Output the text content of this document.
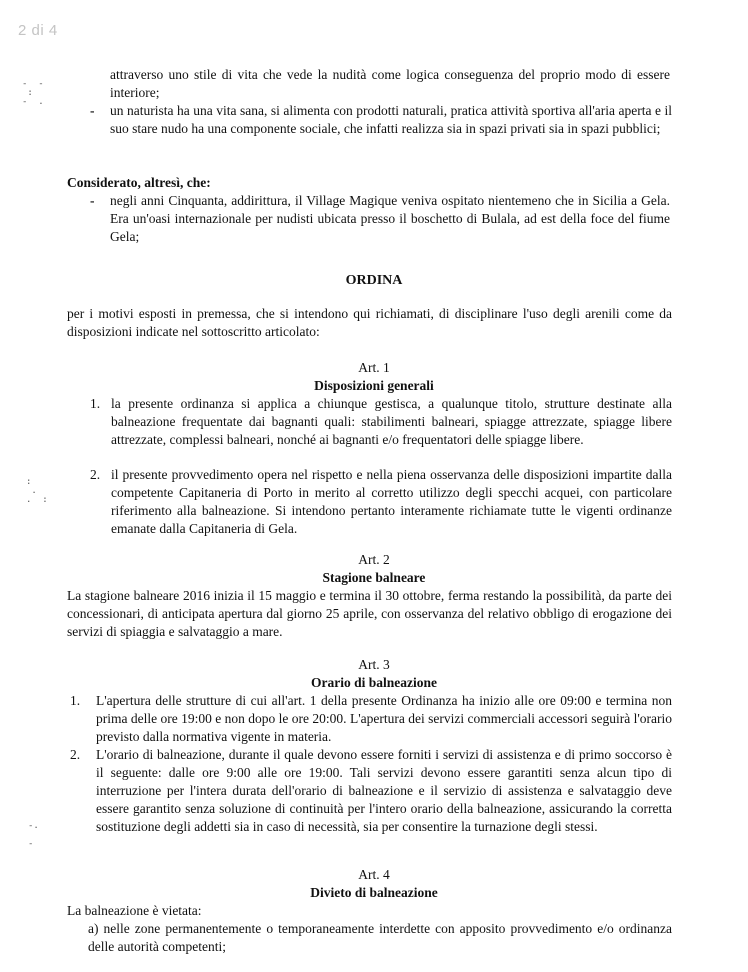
2 di 4
-  -
:
-  .
:
.
.  :
-.

-

attraverso uno stile di vita che vede la nudità come logica conseguenza del proprio modo di essere interiore;

- un naturista ha una vita sana, si alimenta con prodotti naturali, pratica attività sportiva all'aria aperta e il suo stare nudo ha una componente sociale, che infatti realizza sia in spazi privati sia in spazi pubblici;

Considerato, altresì, che:

- negli anni Cinquanta, addirittura, il Village Magique veniva ospitato nientemeno che in Sicilia a Gela. Era un'oasi internazionale per nudisti ubicata presso il boschetto di Bulala, ad est della foce del fiume Gela;

ORDINA

per i motivi esposti in premessa, che si intendono qui richiamati, di disciplinare l'uso degli arenili come da disposizioni indicate nel sottoscritto articolato:

Art. 1
Disposizioni generali
1. la presente ordinanza si applica a chiunque gestisca, a qualunque titolo, strutture destinate alla balneazione frequentate dai bagnanti quali: stabilimenti balneari, spiagge attrezzate, spiagge libere attrezzate, complessi balneari, nonché ai bagnanti e/o frequentatori delle spiagge libere.

2. il presente provvedimento opera nel rispetto e nella piena osservanza delle disposizioni impartite dalla competente Capitaneria di Porto in merito al corretto utilizzo degli specchi acquei, con particolare riferimento alla balneazione. Si intendono pertanto interamente richiamate tutte le vigenti ordinanze emanate dalla Capitaneria di Gela.

Art. 2
Stagione balneare

La stagione balneare 2016 inizia il 15 maggio e termina il 30 ottobre, ferma restando la possibilità, da parte dei concessionari, di anticipata apertura dal giorno 25 aprile, con osservanza del relativo obbligo di erogazione dei servizi di spiaggia e salvataggio a mare.

Art. 3
Orario di balneazione
1. L'apertura delle strutture di cui all'art. 1 della presente Ordinanza ha inizio alle ore 09:00 e termina non prima delle ore 19:00 e non dopo le ore 20:00. L'apertura dei servizi commerciali accessori seguirà l'orario previsto dalla normativa vigente in materia.

2. L'orario di balneazione, durante il quale devono essere forniti i servizi di assistenza e di primo soccorso è il seguente: dalle ore 9:00 alle ore 19:00. Tali servizi devono essere garantiti senza alcun tipo di interruzione per l'intera durata dell'orario di balneazione e il servizio di assistenza e salvataggio deve essere garantito senza soluzione di continuità per l'intero orario della balneazione, assicurando la corretta sostituzione degli addetti sia in caso di necessità, sia per consentire la turnazione degli stessi.

Art. 4
Divieto di balneazione

La balneazione è vietata:

a) nelle zone permanentemente o temporaneamente interdette con apposito provvedimento e/o ordinanza delle autorità competenti;
